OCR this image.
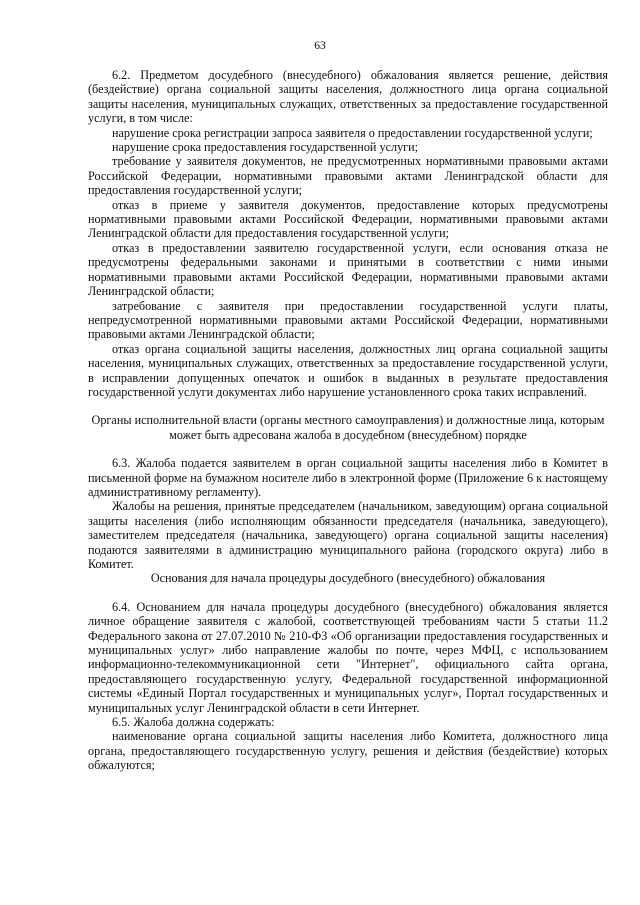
63

6.2. Предметом досудебного (внесудебного) обжалования является решение, действия (бездействие) органа социальной защиты населения, должностного лица органа социальной защиты населения, муниципальных служащих, ответственных за предоставление государственной услуги, в том числе:

нарушение срока регистрации запроса заявителя о предоставлении государственной услуги;

нарушение срока предоставления государственной услуги;

требование у заявителя документов, не предусмотренных нормативными правовыми актами Российской Федерации, нормативными правовыми актами Ленинградской области для предоставления государственной услуги;

отказ в приеме у заявителя документов, предоставление которых предусмотрены нормативными правовыми актами Российской Федерации, нормативными правовыми актами Ленинградской области для предоставления государственной услуги;

отказ в предоставлении заявителю государственной услуги, если основания отказа не предусмотрены федеральными законами и принятыми в соответствии с ними иными нормативными правовыми актами Российской Федерации, нормативными правовыми актами Ленинградской области;

затребование с заявителя при предоставлении государственной услуги платы, непредусмотренной нормативными правовыми актами Российской Федерации, нормативными правовыми актами Ленинградской области;

отказ органа социальной защиты населения, должностных лиц органа социальной защиты населения, муниципальных служащих, ответственных за предоставление государственной услуги, в исправлении допущенных опечаток и ошибок в выданных в результате предоставления государственной услуги документах либо нарушение установленного срока таких исправлений.

Органы исполнительной власти (органы местного самоуправления) и должностные лица, которым может быть адресована жалоба в досудебном (внесудебном) порядке

6.3. Жалоба подается заявителем в орган социальной защиты населения либо в Комитет в письменной форме на бумажном носителе либо в электронной форме (Приложение 6 к настоящему административному регламенту).

Жалобы на решения, принятые председателем (начальником, заведующим) органа социальной защиты населения (либо исполняющим обязанности председателя (начальника, заведующего), заместителем председателя (начальника, заведующего) органа социальной защиты населения) подаются заявителями в администрацию муниципального района (городского округа) либо в Комитет.

Основания для начала процедуры досудебного (внесудебного) обжалования

6.4. Основанием для начала процедуры досудебного (внесудебного) обжалования является личное обращение заявителя с жалобой, соответствующей требованиям части 5 статьи 11.2 Федерального закона от 27.07.2010 № 210-ФЗ «Об организации предоставления государственных и муниципальных услуг» либо направление жалобы по почте, через МФЦ, с использованием информационно-телекоммуникационной сети "Интернет", официального сайта органа, предоставляющего государственную услугу, Федеральной государственной информационной системы «Единый Портал государственных и муниципальных услуг», Портал государственных и муниципальных услуг Ленинградской области в сети Интернет.

6.5. Жалоба должна содержать:

наименование органа социальной защиты населения либо Комитета, должностного лица органа, предоставляющего государственную услугу, решения и действия (бездействие) которых обжалуются;
